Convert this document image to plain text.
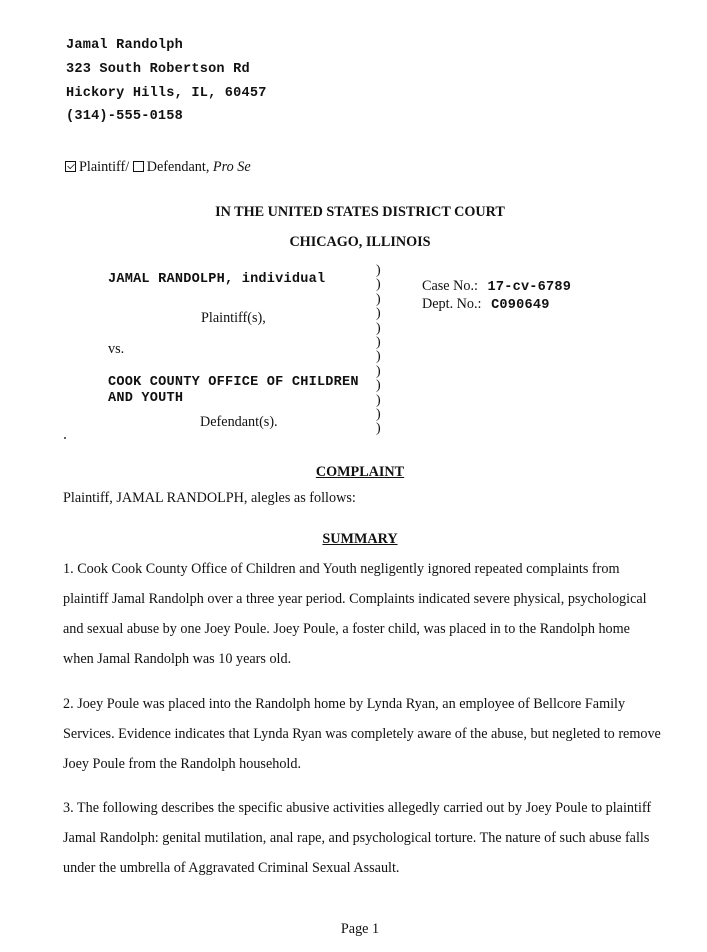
Jamal Randolph
323 South Robertson Rd
Hickory Hills, IL, 60457
(314)-555-0158
Plaintiff/ Defendant, Pro Se
IN THE UNITED STATES DISTRICT COURT
CHICAGO, ILLINOIS
JAMAL RANDOLPH, individual
Plaintiff(s),
vs.
COOK COUNTY OFFICE OF CHILDREN
AND YOUTH
Defendant(s).
)
)
)
)
)
)
)
)
)
)
)
)
Case No.: 17-cv-6789
Dept. No.: C090649
COMPLAINT
Plaintiff, JAMAL RANDOLPH, alegles as follows:
SUMMARY
1. Cook Cook County Office of Children and Youth negligently ignored repeated complaints from plaintiff Jamal Randolph over a three year period. Complaints indicated severe physical, psychological and sexual abuse by one Joey Poule. Joey Poule, a foster child, was placed in to the Randolph home when Jamal Randolph was 10 years old.
2. Joey Poule was placed into the Randolph home by Lynda Ryan, an employee of Bellcore Family Services. Evidence indicates that Lynda Ryan was completely aware of the abuse, but negleted to remove Joey Poule from the Randolph household.
3. The following describes the specific abusive activities allegedly carried out by Joey Poule to plaintiff Jamal Randolph: genital mutilation, anal rape, and psychological torture. The nature of such abuse falls under the umbrella of Aggravated Criminal Sexual Assault.
Page 1
